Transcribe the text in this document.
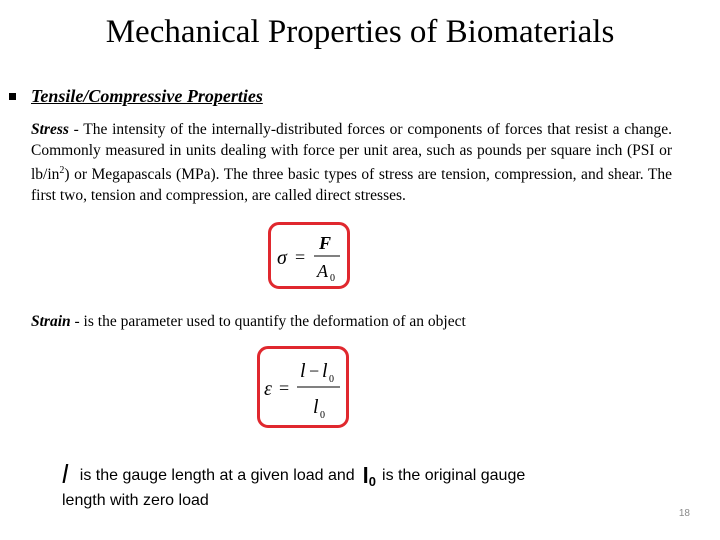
Mechanical Properties of Biomaterials
Tensile/Compressive Properties
Stress - The intensity of the internally-distributed forces or components of forces that resist a change. Commonly measured in units dealing with force per unit area, such as pounds per square inch (PSI or $lb/in^2$) or Megapascals (MPa). The three basic types of stress are tension, compression, and shear. The first two, tension and compression, are called direct stresses.
σ =
F
A 0
Strain - is the parameter used to quantify the deformation of an object
ε =
l − l 0
l 0
lis the gauge length at a given load and $l_0$ is the original gauge
length with zero load
18
